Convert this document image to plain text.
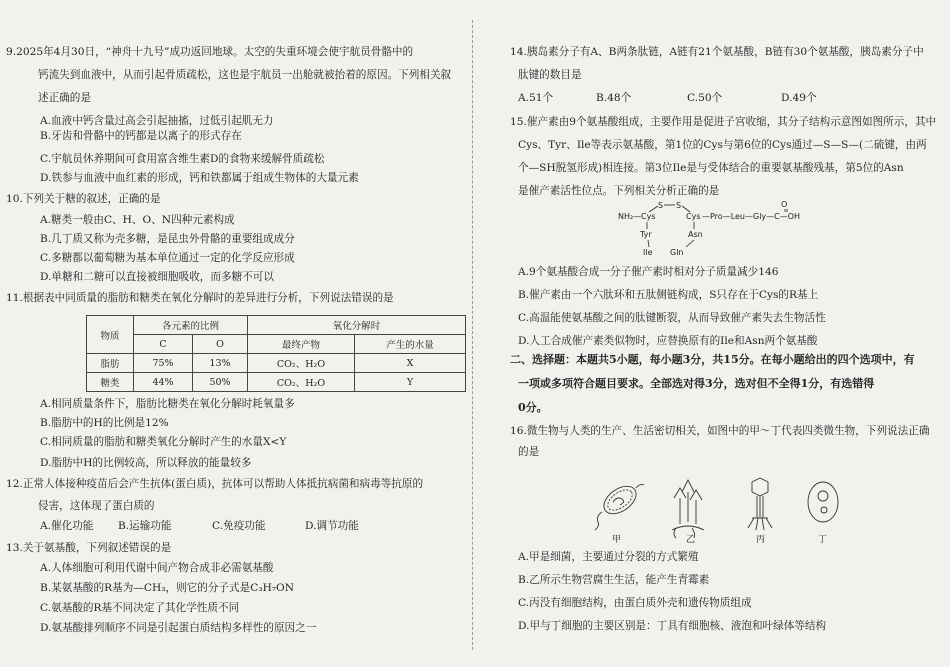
9.2025年4月30日，“神舟十九号”成功返回地球。太空的失重环境会使宇航员骨骼中的
钙流失到血液中，从而引起骨质疏松，这也是宇航员一出舱就被抬着的原因。下列相关叙
述正确的是
A.血液中钙含量过高会引起抽搐，过低引起肌无力
B.牙齿和骨骼中的钙都是以离子的形式存在
C.宇航员休养期间可食用富含维生素D的食物来缓解骨质疏松
D.铁参与血液中血红素的形成，钙和铁都属于组成生物体的大量元素
10.下列关于糖的叙述，正确的是
A.糖类一般由C、H、O、N四种元素构成
B.几丁质又称为壳多糖，是昆虫外骨骼的重要组成成分
C.多糖都以葡萄糖为基本单位通过一定的化学反应形成
D.单糖和二糖可以直接被细胞吸收，而多糖不可以
11.根据表中同质量的脂肪和糖类在氧化分解时的差异进行分析，下列说法错误的是
物质	各元素的比例		氧化分解时	
	C	O	最终产物	产生的水量
脂肪	75%	13%	CO₂、H₂O	X
糖类	44%	50%	CO₂、H₂O	Y
A.相同质量条件下，脂肪比糖类在氧化分解时耗氧量多
B.脂肪中的H的比例是12%
C.相同质量的脂肪和糖类氧化分解时产生的水量X<Y
D.脂肪中H的比例较高，所以释放的能量较多
12.正常人体接种疫苗后会产生抗体(蛋白质)，抗体可以帮助人体抵抗病菌和病毒等抗原的
侵害，这体现了蛋白质的
A.催化功能 B.运输功能	C.免疫功能	D.调节功能
13.关于氨基酸，下列叙述错误的是
A.人体细胞可利用代谢中间产物合成非必需氨基酸
B.某氨基酸的R基为—CH₃，则它的分子式是C₃H₇ON
C.氨基酸的R基不同决定了其化学性质不同
D.氨基酸排列顺序不同是引起蛋白质结构多样性的原因之一
14.胰岛素分子有A、B两条肽链，A链有21个氨基酸，B链有30个氨基酸，胰岛素分子中
肽键的数目是
A.51个	B.48个	C.50个	D.49个
15.催产素由9个氨基酸组成，主要作用是促进子宫收缩，其分子结构示意图如图所示，其中
Cys、Tyr、Ile等表示氨基酸，第1位的Cys与第6位的Cys通过—S—S—(二硫键，由两
个—SH脱氢形成)相连接。第3位Ile是与受体结合的重要氨基酸残基，第5位的Asn
是催产素活性位点。下列相关分析正确的是
NH₂— Cys
S S
Cys —Pro—Leu—Gly—C—OH
O
Tyr	Asn
Ile Gln
A.9个氨基酸合成一分子催产素时相对分子质量减少146
B.催产素由一个六肽环和五肽侧链构成，S只存在于Cys的R基上
C.高温能使氨基酸之间的肽键断裂，从而导致催产素失去生物活性
D.人工合成催产素类似物时，应替换原有的Ile和Asn两个氨基酸
二、选择题：本题共5小题，每小题3分，共15分。在每小题给出的四个选项中，有
一项或多项符合题目要求。全部选对得3分，选对但不全得1分，有选错得
0分。
16.微生物与人类的生产、生活密切相关，如图中的甲～丁代表四类微生物，下列说法正确
的是
甲	乙	丙	丁
A.甲是细菌，主要通过分裂的方式繁殖
B.乙所示生物营腐生生活，能产生青霉素
C.丙没有细胞结构，由蛋白质外壳和遗传物质组成
D.甲与丁细胞的主要区别是：丁具有细胞核、液泡和叶绿体等结构
